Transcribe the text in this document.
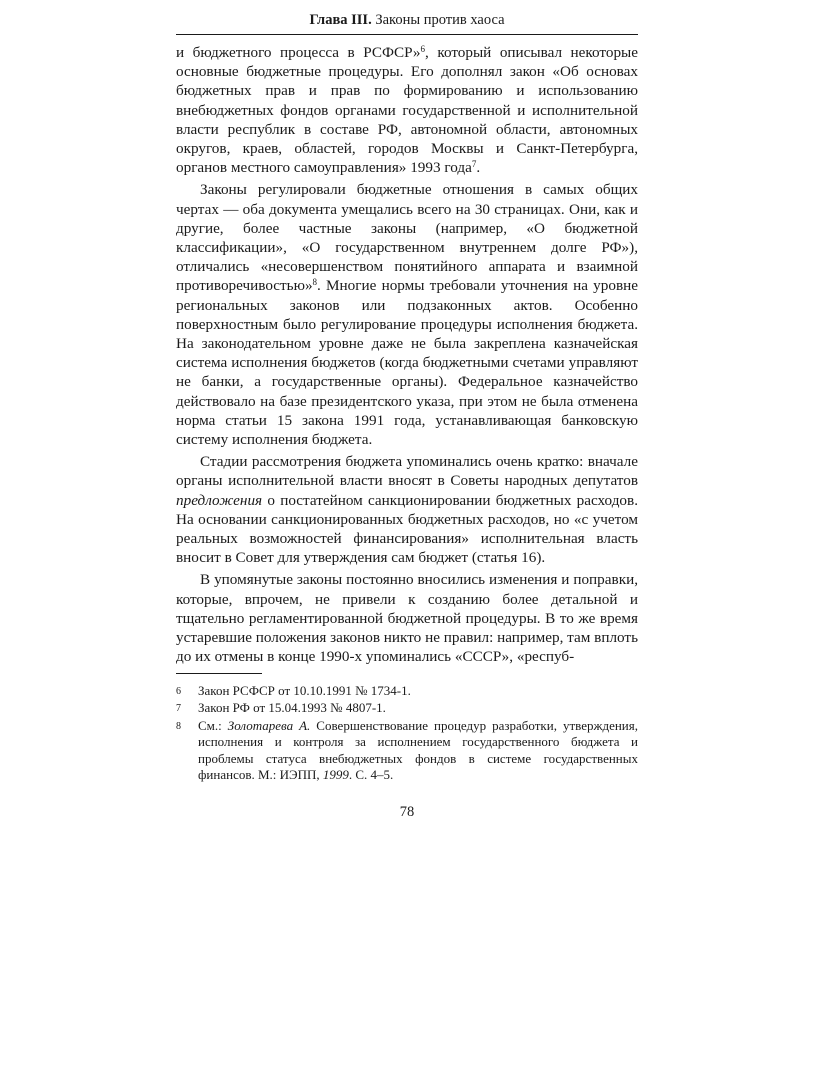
Глава III. Законы против хаоса

и бюджетного процесса в РСФСР»$^6$, который описывал некоторые основные бюджетные процедуры. Его дополнял закон «Об основах бюджетных прав и прав по формированию и использованию внебюджетных фондов органами государственной и исполнительной власти республик в составе РФ, автономной области, автономных округов, краев, областей, городов Москвы и Санкт-Петербурга, органов местного самоуправления» 1993 года$^7$.

Законы регулировали бюджетные отношения в самых общих чертах — оба документа умещались всего на 30 страницах. Они, как и другие, более частные законы (например, «О бюджетной классификации», «О государственном внутреннем долге РФ»), отличались «несовершенством понятийного аппарата и взаимной противоречивостью»$^8$. Многие нормы требовали уточнения на уровне региональных законов или подзаконных актов. Особенно поверхностным было регулирование процедуры исполнения бюджета. На законодательном уровне даже не была закреплена казначейская система исполнения бюджетов (когда бюджетными счетами управляют не банки, а государственные органы). Федеральное казначейство действовало на базе президентского указа, при этом не была отменена норма статьи 15 закона 1991 года, устанавливающая банковскую систему исполнения бюджета.

Стадии рассмотрения бюджета упоминались очень кратко: вначале органы исполнительной власти вносят в Советы народных депутатов предложения о постатейном санкционировании бюджетных расходов. На основании санкционированных бюджетных расходов, но «с учетом реальных возможностей финансирования» исполнительная власть вносит в Совет для утверждения сам бюджет (статья 16).

В упомянутые законы постоянно вносились изменения и поправки, которые, впрочем, не привели к созданию более детальной и тщательно регламентированной бюджетной процедуры. В то же время устаревшие положения законов никто не правил: например, там вплоть до их отмены в конце 1990-х упоминались «СССР», «респуб-

6	Закон РСФСР от 10.10.1991 № 1734-1.
7	Закон РФ от 15.04.1993 № 4807-1.
8	См.: Золотарева А. Совершенствование процедур разработки, утверждения, исполнения и контроля за исполнением государственного бюджета и проблемы статуса внебюджетных фондов в системе государственных финансов. М.: ИЭПП, 1999. С. 4–5.
78
